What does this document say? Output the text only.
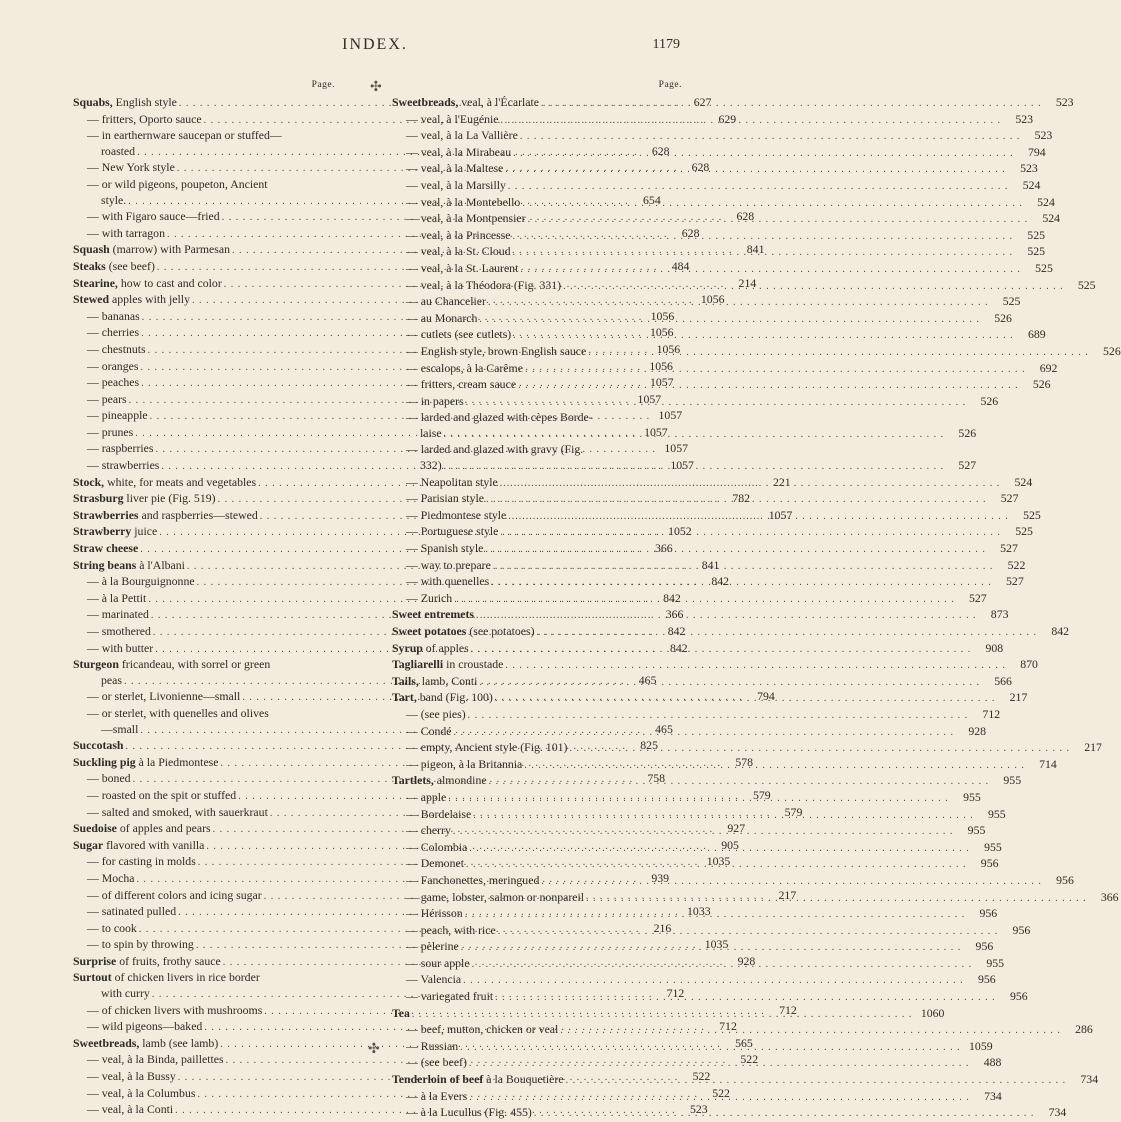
INDEX.	1179
✣
✣
Page.
Squabs, English style . . .	627
— fritters, Oporto sauce . . .	629
— in earthernware saucepan or stuffed—
roasted . . .	628
— New York style . . .	628
— or wild pigeons, poupeton, Ancient
style. . . .	654
— with Figaro sauce—fried . . .	628
— with tarragon . . .	628
Squash (marrow) with Parmesan . . .	841
Steaks (see beef) . . .	484
Stearine, how to cast and color . . .	214
Stewed apples with jelly . . .	1056
— bananas . . .	1056
— cherries . . .	1056
— chestnuts . . .	1056
— oranges . . .	1056
— peaches . . .	1057
— pears . . .	1057
— pineapple . . .	1057
— prunes . . .	1057
— raspberries . . .	1057
— strawberries . . .	1057
Stock, white, for meats and vegetables . . .	221
Strasburg liver pie (Fig. 519) . . .	782
Strawberries and raspberries—stewed . . .	1057
Strawberry juice . . .	1052
Straw cheese . . .	366
String beans à l'Albani . . .	841
— à la Bourguignonne . . .	842
— à la Pettit . . .	842
— marinated . . .	366
— smothered . . .	842
— with butter . . .	842
Sturgeon fricandeau, with sorrel or green
peas . . .	465
— or sterlet, Livonienne—small . . .	794
— or sterlet, with quenelles and olives
—small . . .	465
Succotash . . .	825
Suckling pig à la Piedmontese . . .	578
— boned . . .	758
— roasted on the spit or stuffed . . .	579
— salted and smoked, with sauerkraut . . .	579
Suedoise of apples and pears . . .	927
Sugar flavored with vanilla . . .	905
— for casting in molds . . .	1035
— Mocha . . .	939
— of different colors and icing sugar . . .	217
— satinated pulled . . .	1033
— to cook . . .	216
— to spin by throwing . . .	1035
Surprise of fruits, frothy sauce . . .	928
Surtout of chicken livers in rice border
with curry . . .	712
— of chicken livers with mushrooms . . .	712
— wild pigeons—baked . . .	712
Sweetbreads, lamb (see lamb) . . .	565
— veal, à la Binda, paillettes . . .	522
— veal, à la Bussy . . .	522
— veal, à la Columbus . . .	522
— veal, à la Conti . . .	523
Page.
Sweetbreads, veal, à l'Écarlate . . .	523
— veal, à l'Eugénie . . .	523
— veal, à la La Vallière . . .	523
— veal, à la Mirabeau . . .	794
— veal, à la Maltese . . .	523
— veal, à la Marsilly . . .	524
— veal, à la Montebello . . .	524
— veal, à la Montpensier . . .	524
— veal, à la Princesse . . .	525
— veal, à la St. Cloud . . .	525
— veal, à la St. Laurent . . .	525
— veal, à la Théodora (Fig. 331) . . .	525
— au Chancelier . . .	525
— au Monarch . . .	526
— cutlets (see cutlets) . . .	689
— English style, brown English sauce . . .	526
— escalops, à la Carême . . .	692
— fritters, cream sauce . . .	526
— in papers . . .	526
— larded and glazed with cèpes Borde-
laise . . .	526
— larded and glazed with gravy (Fig.
332) . . .	527
— Neapolitan style . . .	524
— Parisian style . . .	527
— Piedmontese style . . .	525
— Portuguese style . . .	525
— Spanish style . . .	527
— way to prepare . . .	522
— with quenelles . . .	527
— Zurich . . .	527
Sweet entremets . . .	873
Sweet potatoes (see potatoes) . . .	842
Syrup of apples . . .	908
Tagliarelli in croustade . . .	870
Tails, lamb, Conti . . .	566
Tart, band (Fig. 100) . . .	217
— (see pies) . . .	712
— Condé . . .	928
— empty, Ancient style (Fig. 101) . . .	217
— pigeon, à la Britannia . . .	714
Tartlets, almondine . . .	955
— apple . . .	955
— Bordelaise . . .	955
— cherry . . .	955
— Colombia . . .	955
— Demonet . . .	956
— Fanchonettes, meringued . . .	956
— game, lobster, salmon or nonpareil . . .	366
— Hérisson . . .	956
— peach, with rice . . .	956
— pèlerine . . .	956
— sour apple . . .	955
— Valencia . . .	956
— variegated fruit . . .	956
Tea . . .	1060
— beef, mutton, chicken or veal . . .	286
— Russian . . .	1059
— (see beef) . . .	488
Tenderloin of beef à la Bouquetière . . .	734
— à la Evers . . .	734
— à la Lucullus (Fig. 455) . . .	734
